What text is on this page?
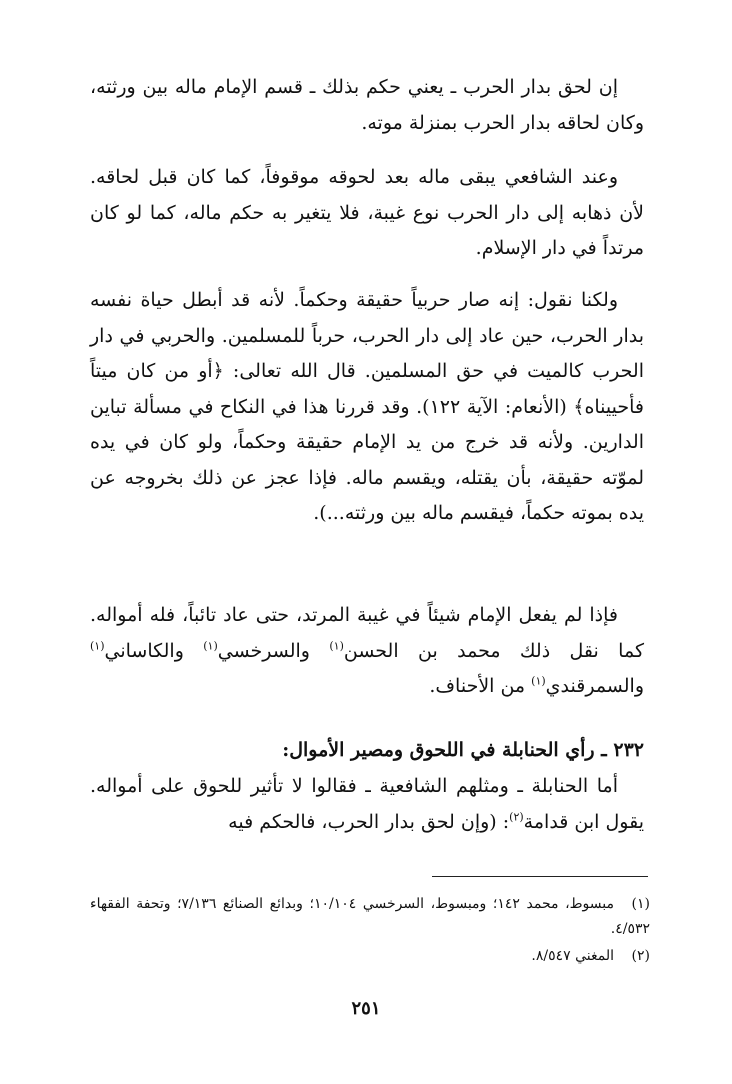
إن لحق بدار الحرب ـ يعني حكم بذلك ـ قسم الإمام ماله بين ورثته، وكان لحاقه بدار الحرب بمنزلة موته.

وعند الشافعي يبقى ماله بعد لحوقه موقوفاً، كما كان قبل لحاقه. لأن ذهابه إلى دار الحرب نوع غيبة، فلا يتغير به حكم ماله، كما لو كان مرتداً في دار الإسلام.

ولكنا نقول: إنه صار حربياً حقيقة وحكماً. لأنه قد أبطل حياة نفسه بدار الحرب، حين عاد إلى دار الحرب، حرباً للمسلمين. والحربي في دار الحرب كالميت في حق المسلمين. قال الله تعالى: ﴿أو من كان ميتاً فأحييناه﴾ (الأنعام: الآية ١٢٢). وقد قررنا هذا في النكاح في مسألة تباين الدارين. ولأنه قد خرج من يد الإمام حقيقة وحكماً، ولو كان في يده لموّته حقيقة، بأن يقتله، ويقسم ماله. فإذا عجز عن ذلك بخروجه عن يده بموته حكماً، فيقسم ماله بين ورثته...).

فإذا لم يفعل الإمام شيئاً في غيبة المرتد، حتى عاد تائباً، فله أمواله. كما نقل ذلك محمد بن الحسن$^{(١)}$ والسرخسي$^{(١)}$ والكاساني$^{(١)}$ والسمرقندي$^{(١)}$ من الأحناف.

٢٣٢ ـ رأي الحنابلة في اللحوق ومصير الأموال:

أما الحنابلة ـ ومثلهم الشافعية ـ فقالوا لا تأثير للحوق على أمواله. يقول ابن قدامة$^{(٢)}$: (وإن لحق بدار الحرب، فالحكم فيه

(١)مبسوط، محمد ١٤٢؛ ومبسوط، السرخسي ١٠/١٠٤؛ وبدائع الصنائع ٧/١٣٦؛ وتحفة الفقهاء ٤/٥٣٢.

(٢)المغني ٨/٥٤٧.

٢٥١
